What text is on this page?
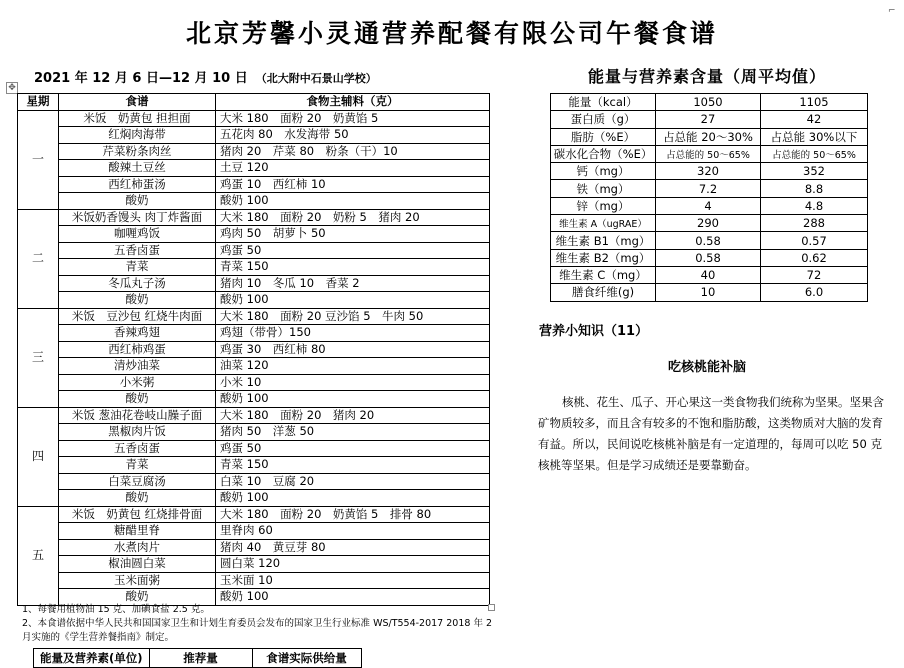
⌐
北京芳馨小灵通营养配餐有限公司午餐食谱
2021 年 12 月 6 日—12 月 10 日 （北大附中石景山学校）	能量与营养素含量（周平均值）
✥
星期	食谱	食物主辅料（克）
一	米饭　奶黄包 担担面	大米 180　面粉 20　奶黄馅 5
	红焖肉海带	五花肉 80　水发海带 50
	芹菜粉条肉丝	猪肉 20　芹菜 80　粉条（干）10
	酸辣土豆丝	土豆 120
	西红柿蛋汤	鸡蛋 10　西红柿 10
	酸奶	酸奶 100
二	米饭奶香馒头 肉丁炸酱面	大米 180　面粉 20　奶粉 5　猪肉 20
	咖喱鸡饭	鸡肉 50　胡萝卜 50
	五香卤蛋	鸡蛋 50
	青菜	青菜 150
	冬瓜丸子汤	猪肉 10　冬瓜 10　香菜 2
	酸奶	酸奶 100
三	米饭　豆沙包 红烧牛肉面	大米 180　面粉 20 豆沙馅 5　牛肉 50
	香辣鸡翅	鸡翅（带骨）150
	西红柿鸡蛋	鸡蛋 30　西红柿 80
	清炒油菜	油菜 120
	小米粥	小米 10
	酸奶	酸奶 100
四	米饭 葱油花卷岐山臊子面	大米 180　面粉 20　猪肉 20
	黑椒肉片饭	猪肉 50　洋葱 50
	五香卤蛋	鸡蛋 50
	青菜	青菜 150
	白菜豆腐汤	白菜 10　豆腐 20
	酸奶	酸奶 100
五	米饭　奶黄包 红烧排骨面	大米 180　面粉 20　奶黄馅 5　排骨 80
	糖醋里脊	里脊肉 60
	水煮肉片	猪肉 40　黄豆芽 80
	椒油圆白菜	圆白菜 120
	玉米面粥	玉米面 10
	酸奶	酸奶 100
能量（kcal）	1050	1105
蛋白质（g）	27	42
脂肪（%E）	占总能 20～30%	占总能 30%以下
碳水化合物（%E）	占总能的 50～65%	占总能的 50～65%
钙（mg）	320	352
铁（mg）	7.2	8.8
锌（mg）	4	4.8
维生素 A（ugRAE）	290	288
维生素 B1（mg）	0.58	0.57
维生素 B2（mg）	0.58	0.62
维生素 C（mg）	40	72
膳食纤维(g)	10	6.0
营养小知识（11）
吃核桃能补脑
核桃、花生、瓜子、开心果这一类食物我们统称为坚果。坚果含矿物质较多，而且含有较多的不饱和脂肪酸，这类物质对大脑的发育有益。所以，民间说吃核桃补脑是有一定道理的，每周可以吃 50 克核桃等坚果。但是学习成绩还是要靠勤奋。
1、每餐用植物油 15 克、加碘食盐 2.5 克。
2、本食谱依据中华人民共和国国家卫生和计划生育委员会发布的国家卫生行业标准 WS/T554-2017 2018 年 2 月实施的《学生营养餐指南》制定。
能量及营养素(单位)	推荐量	食谱实际供给量
